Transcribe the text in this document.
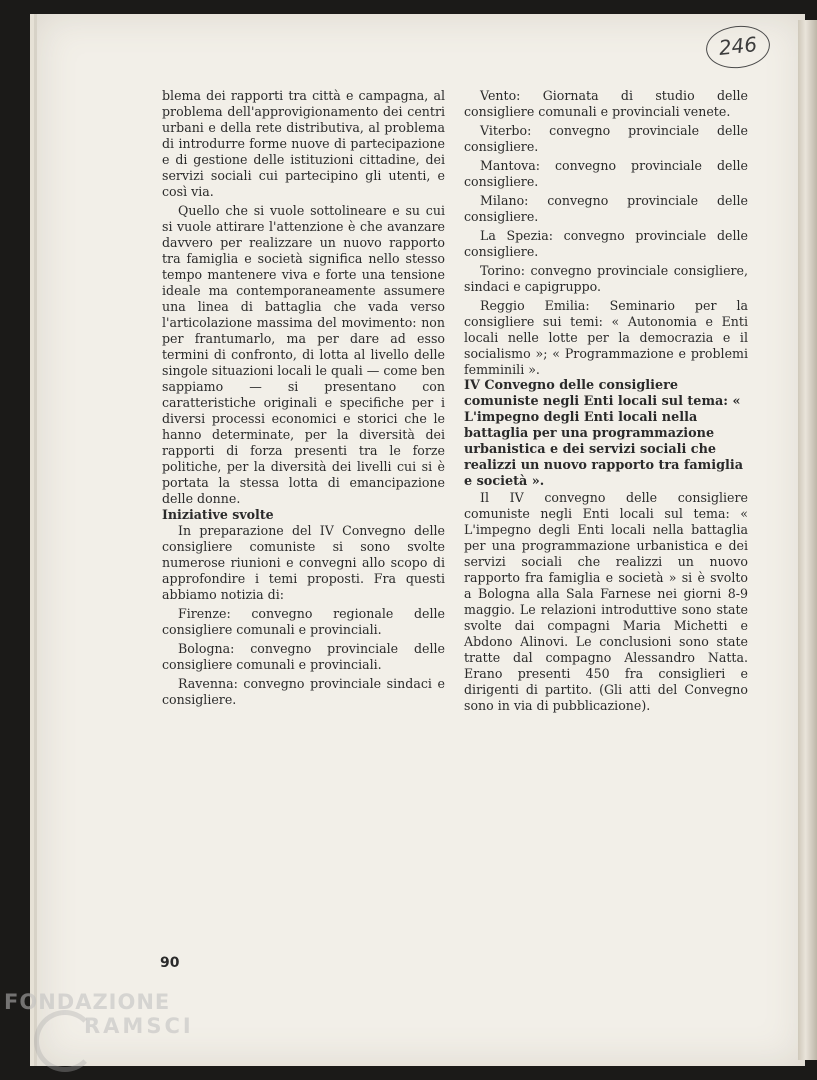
246

blema dei rapporti tra città e campagna, al problema dell'approvigionamento dei centri urbani e della rete distributiva, al problema di introdurre forme nuove di partecipazione e di gestione delle istituzioni cittadine, dei servizi sociali cui partecipino gli utenti, e così via.

Quello che si vuole sottolineare e su cui si vuole attirare l'attenzione è che avanzare davvero per realizzare un nuovo rapporto tra famiglia e società significa nello stesso tempo mantenere viva e forte una tensione ideale ma contemporaneamente assumere una linea di battaglia che vada verso l'articolazione massima del movimento: non per frantumarlo, ma per dare ad esso termini di confronto, di lotta al livello delle singole situazioni locali le quali — come ben sappiamo — si presentano con caratteristiche originali e specifiche per i diversi processi economici e storici che le hanno determinate, per la diversità dei rapporti di forza presenti tra le forze politiche, per la diversità dei livelli cui si è portata la stessa lotta di emancipazione delle donne.

Iniziative svolte

In preparazione del IV Convegno delle consigliere comuniste si sono svolte numerose riunioni e convegni allo scopo di approfondire i temi proposti. Fra questi abbiamo notizia di:

Firenze: convegno regionale delle consigliere comunali e provinciali.

Bologna: convegno provinciale delle consigliere comunali e provinciali.

Ravenna: convegno provinciale sindaci e consigliere.

Vento: Giornata di studio delle consigliere comunali e provinciali venete.

Viterbo: convegno provinciale delle consigliere.

Mantova: convegno provinciale delle consigliere.

Milano: convegno provinciale delle consigliere.

La Spezia: convegno provinciale delle consigliere.

Torino: convegno provinciale consigliere, sindaci e capigruppo.

Reggio Emilia: Seminario per la consigliere sui temi: « Autonomia e Enti locali nelle lotte per la democrazia e il socialismo »; « Programmazione e problemi femminili ».

IV Convegno delle consigliere comuniste negli Enti locali sul tema: « L'impegno degli Enti locali nella battaglia per una programmazione urbanistica e dei servizi sociali che realizzi un nuovo rapporto tra famiglia e società ».

Il IV convegno delle consigliere comuniste negli Enti locali sul tema: « L'impegno degli Enti locali nella battaglia per una programmazione urbanistica e dei servizi sociali che realizzi un nuovo rapporto fra famiglia e società » si è svolto a Bologna alla Sala Farnese nei giorni 8-9 maggio. Le relazioni introduttive sono state svolte dai compagni Maria Michetti e Abdono Alinovi. Le conclusioni sono state tratte dal compagno Alessandro Natta. Erano presenti 450 fra consiglieri e dirigenti di partito. (Gli atti del Convegno sono in via di pubblicazione).

90
FONDAZIONE
RAMSCI
